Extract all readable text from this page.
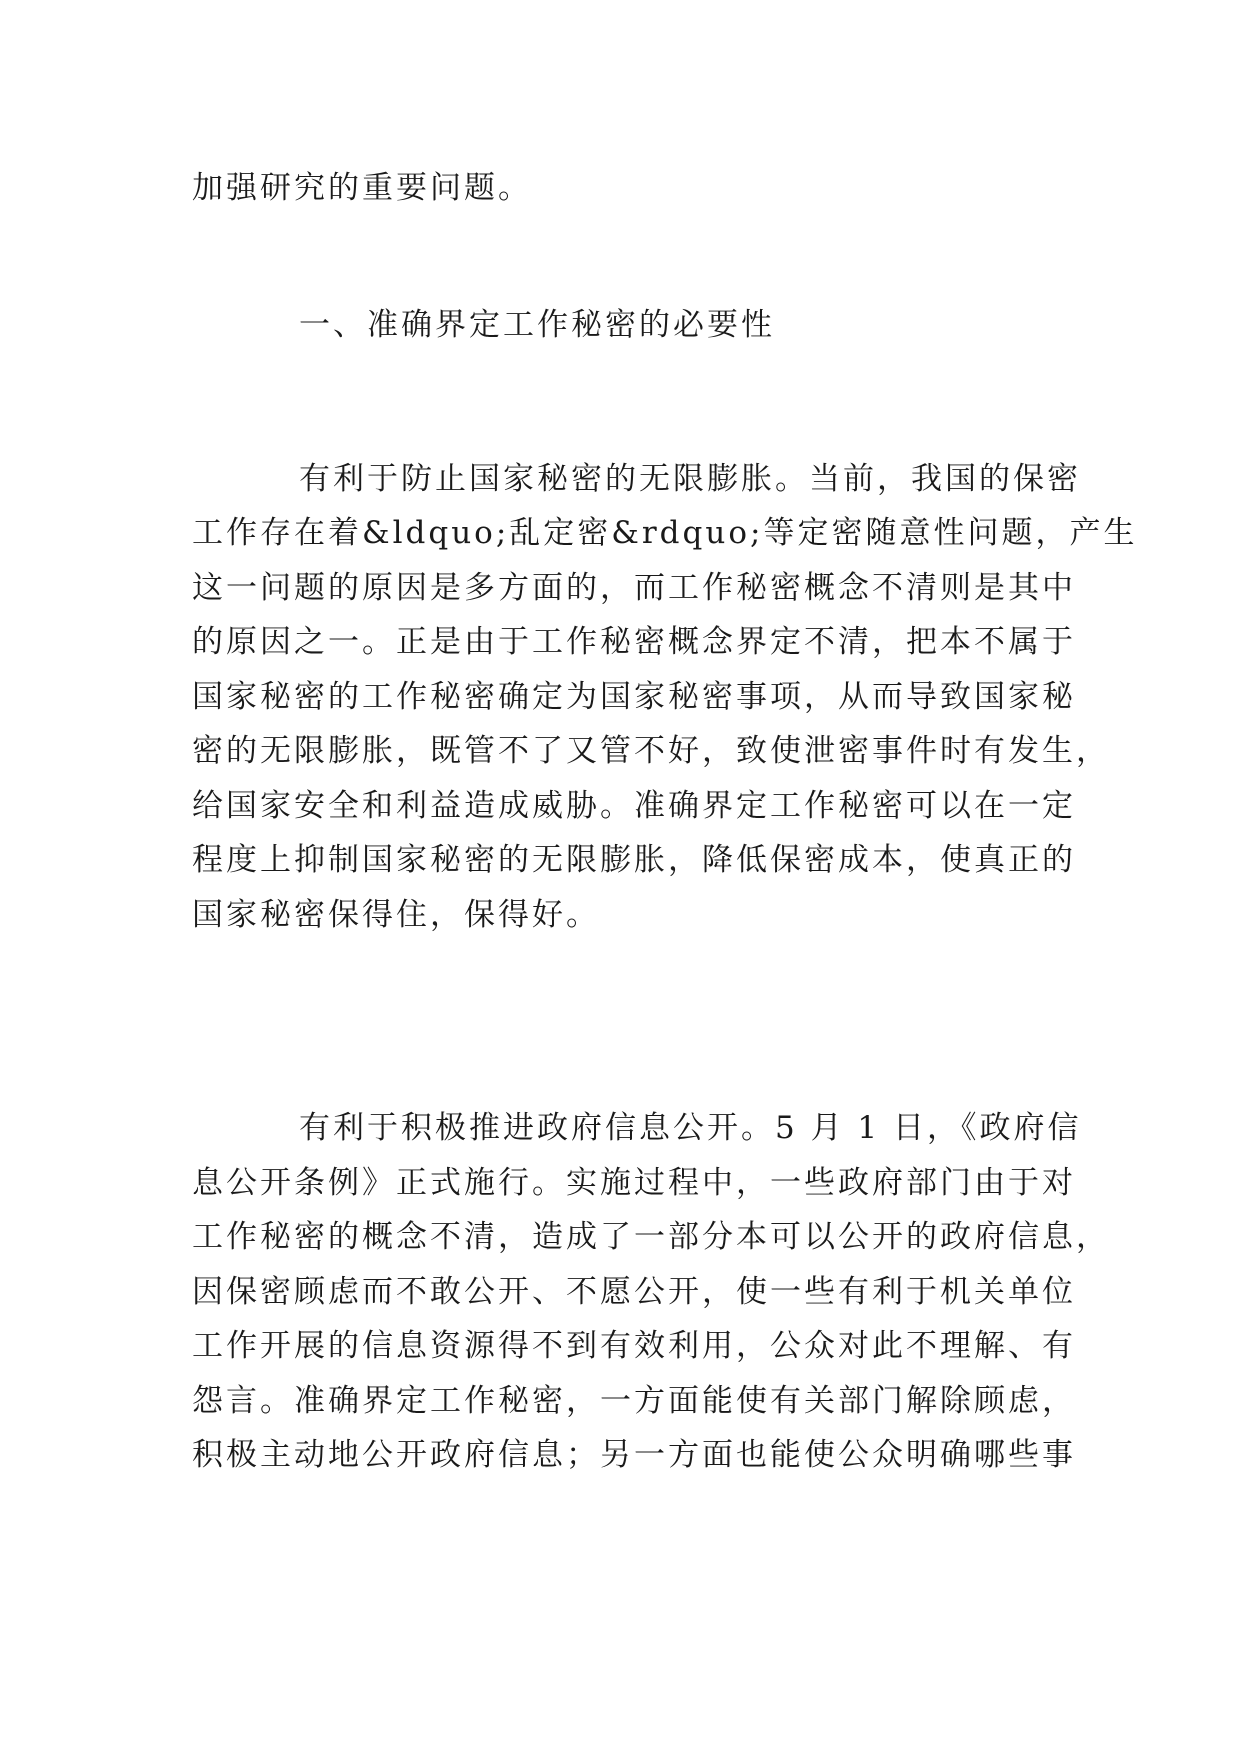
加强研究的重要问题。
一、准确界定工作秘密的必要性
有利于防止国家秘密的无限膨胀。当前，我国的保密
工作存在着&ldquo;乱定密&rdquo;等定密随意性问题，产生
这一问题的原因是多方面的，而工作秘密概念不清则是其中
的原因之一。正是由于工作秘密概念界定不清，把本不属于
国家秘密的工作秘密确定为国家秘密事项，从而导致国家秘
密的无限膨胀，既管不了又管不好，致使泄密事件时有发生，
给国家安全和利益造成威胁。准确界定工作秘密可以在一定
程度上抑制国家秘密的无限膨胀，降低保密成本，使真正的
国家秘密保得住，保得好。
有利于积极推进政府信息公开。5 月 1 日，《政府信
息公开条例》正式施行。实施过程中，一些政府部门由于对
工作秘密的概念不清，造成了一部分本可以公开的政府信息，
因保密顾虑而不敢公开、不愿公开，使一些有利于机关单位
工作开展的信息资源得不到有效利用，公众对此不理解、有
怨言。准确界定工作秘密，一方面能使有关部门解除顾虑，
积极主动地公开政府信息；另一方面也能使公众明确哪些事
